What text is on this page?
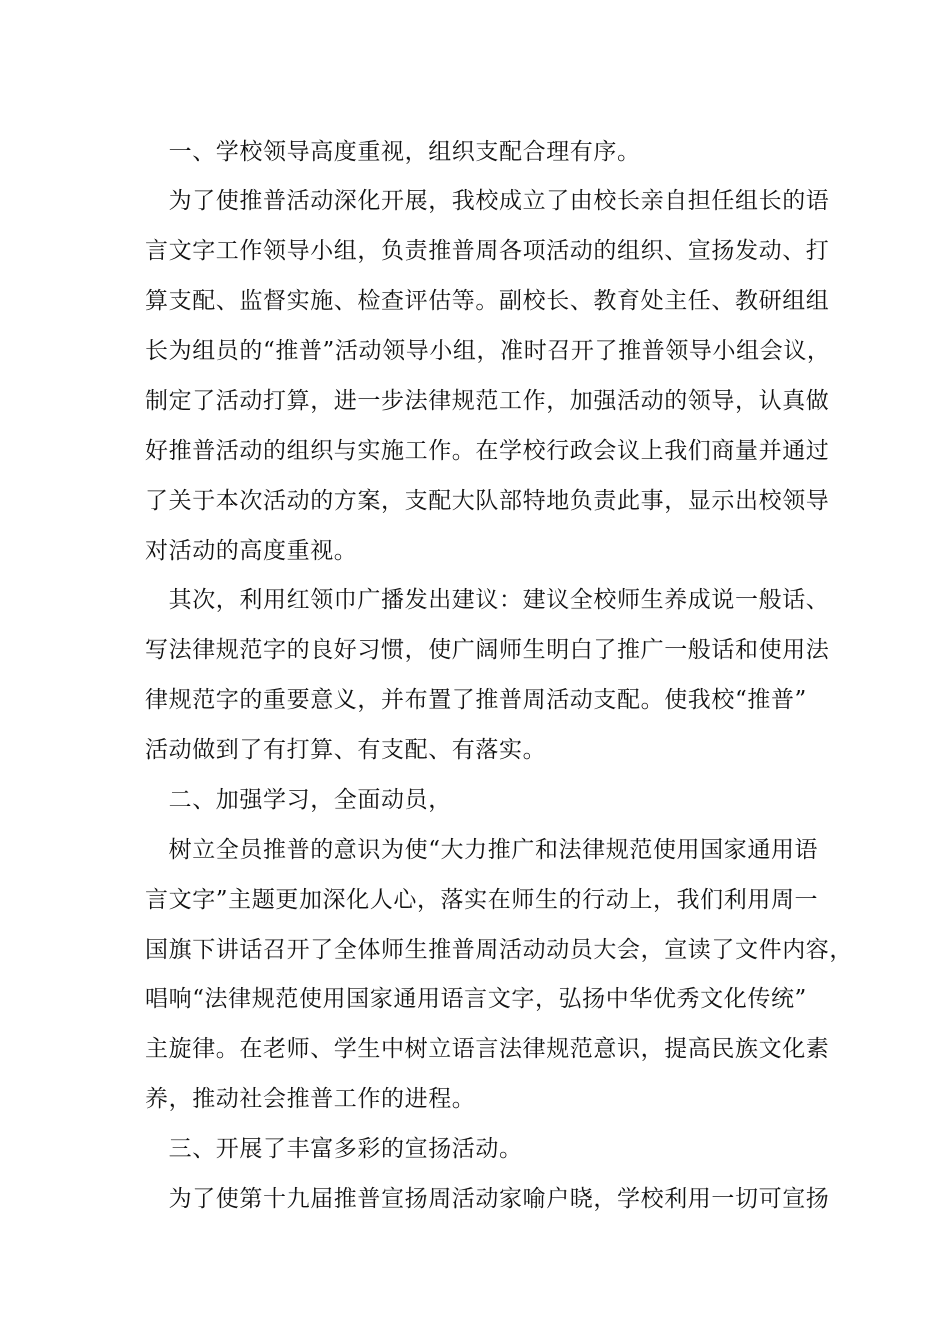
　一、学校领导高度重视，组织支配合理有序。
　为了使推普活动深化开展，我校成立了由校长亲自担任组长的语
言文字工作领导小组，负责推普周各项活动的组织、宣扬发动、打
算支配、监督实施、检查评估等。副校长、教育处主任、教研组组
长为组员的“推普”活动领导小组，准时召开了推普领导小组会议，
制定了活动打算，进一步法律规范工作，加强活动的领导，认真做
好推普活动的组织与实施工作。在学校行政会议上我们商量并通过
了关于本次活动的方案，支配大队部特地负责此事，显示出校领导
对活动的高度重视。
　其次，利用红领巾广播发出建议：建议全校师生养成说一般话、
写法律规范字的良好习惯，使广阔师生明白了推广一般话和使用法
律规范字的重要意义，并布置了推普周活动支配。使我校“推普”
活动做到了有打算、有支配、有落实。
　二、加强学习，全面动员，
　树立全员推普的意识为使“大力推广和法律规范使用国家通用语
言文字”主题更加深化人心，落实在师生的行动上，我们利用周一
国旗下讲话召开了全体师生推普周活动动员大会，宣读了文件内容，
唱响“法律规范使用国家通用语言文字，弘扬中华优秀文化传统”
主旋律。在老师、学生中树立语言法律规范意识，提高民族文化素
养，推动社会推普工作的进程。
　三、开展了丰富多彩的宣扬活动。
　为了使第十九届推普宣扬周活动家喻户晓，学校利用一切可宣扬
